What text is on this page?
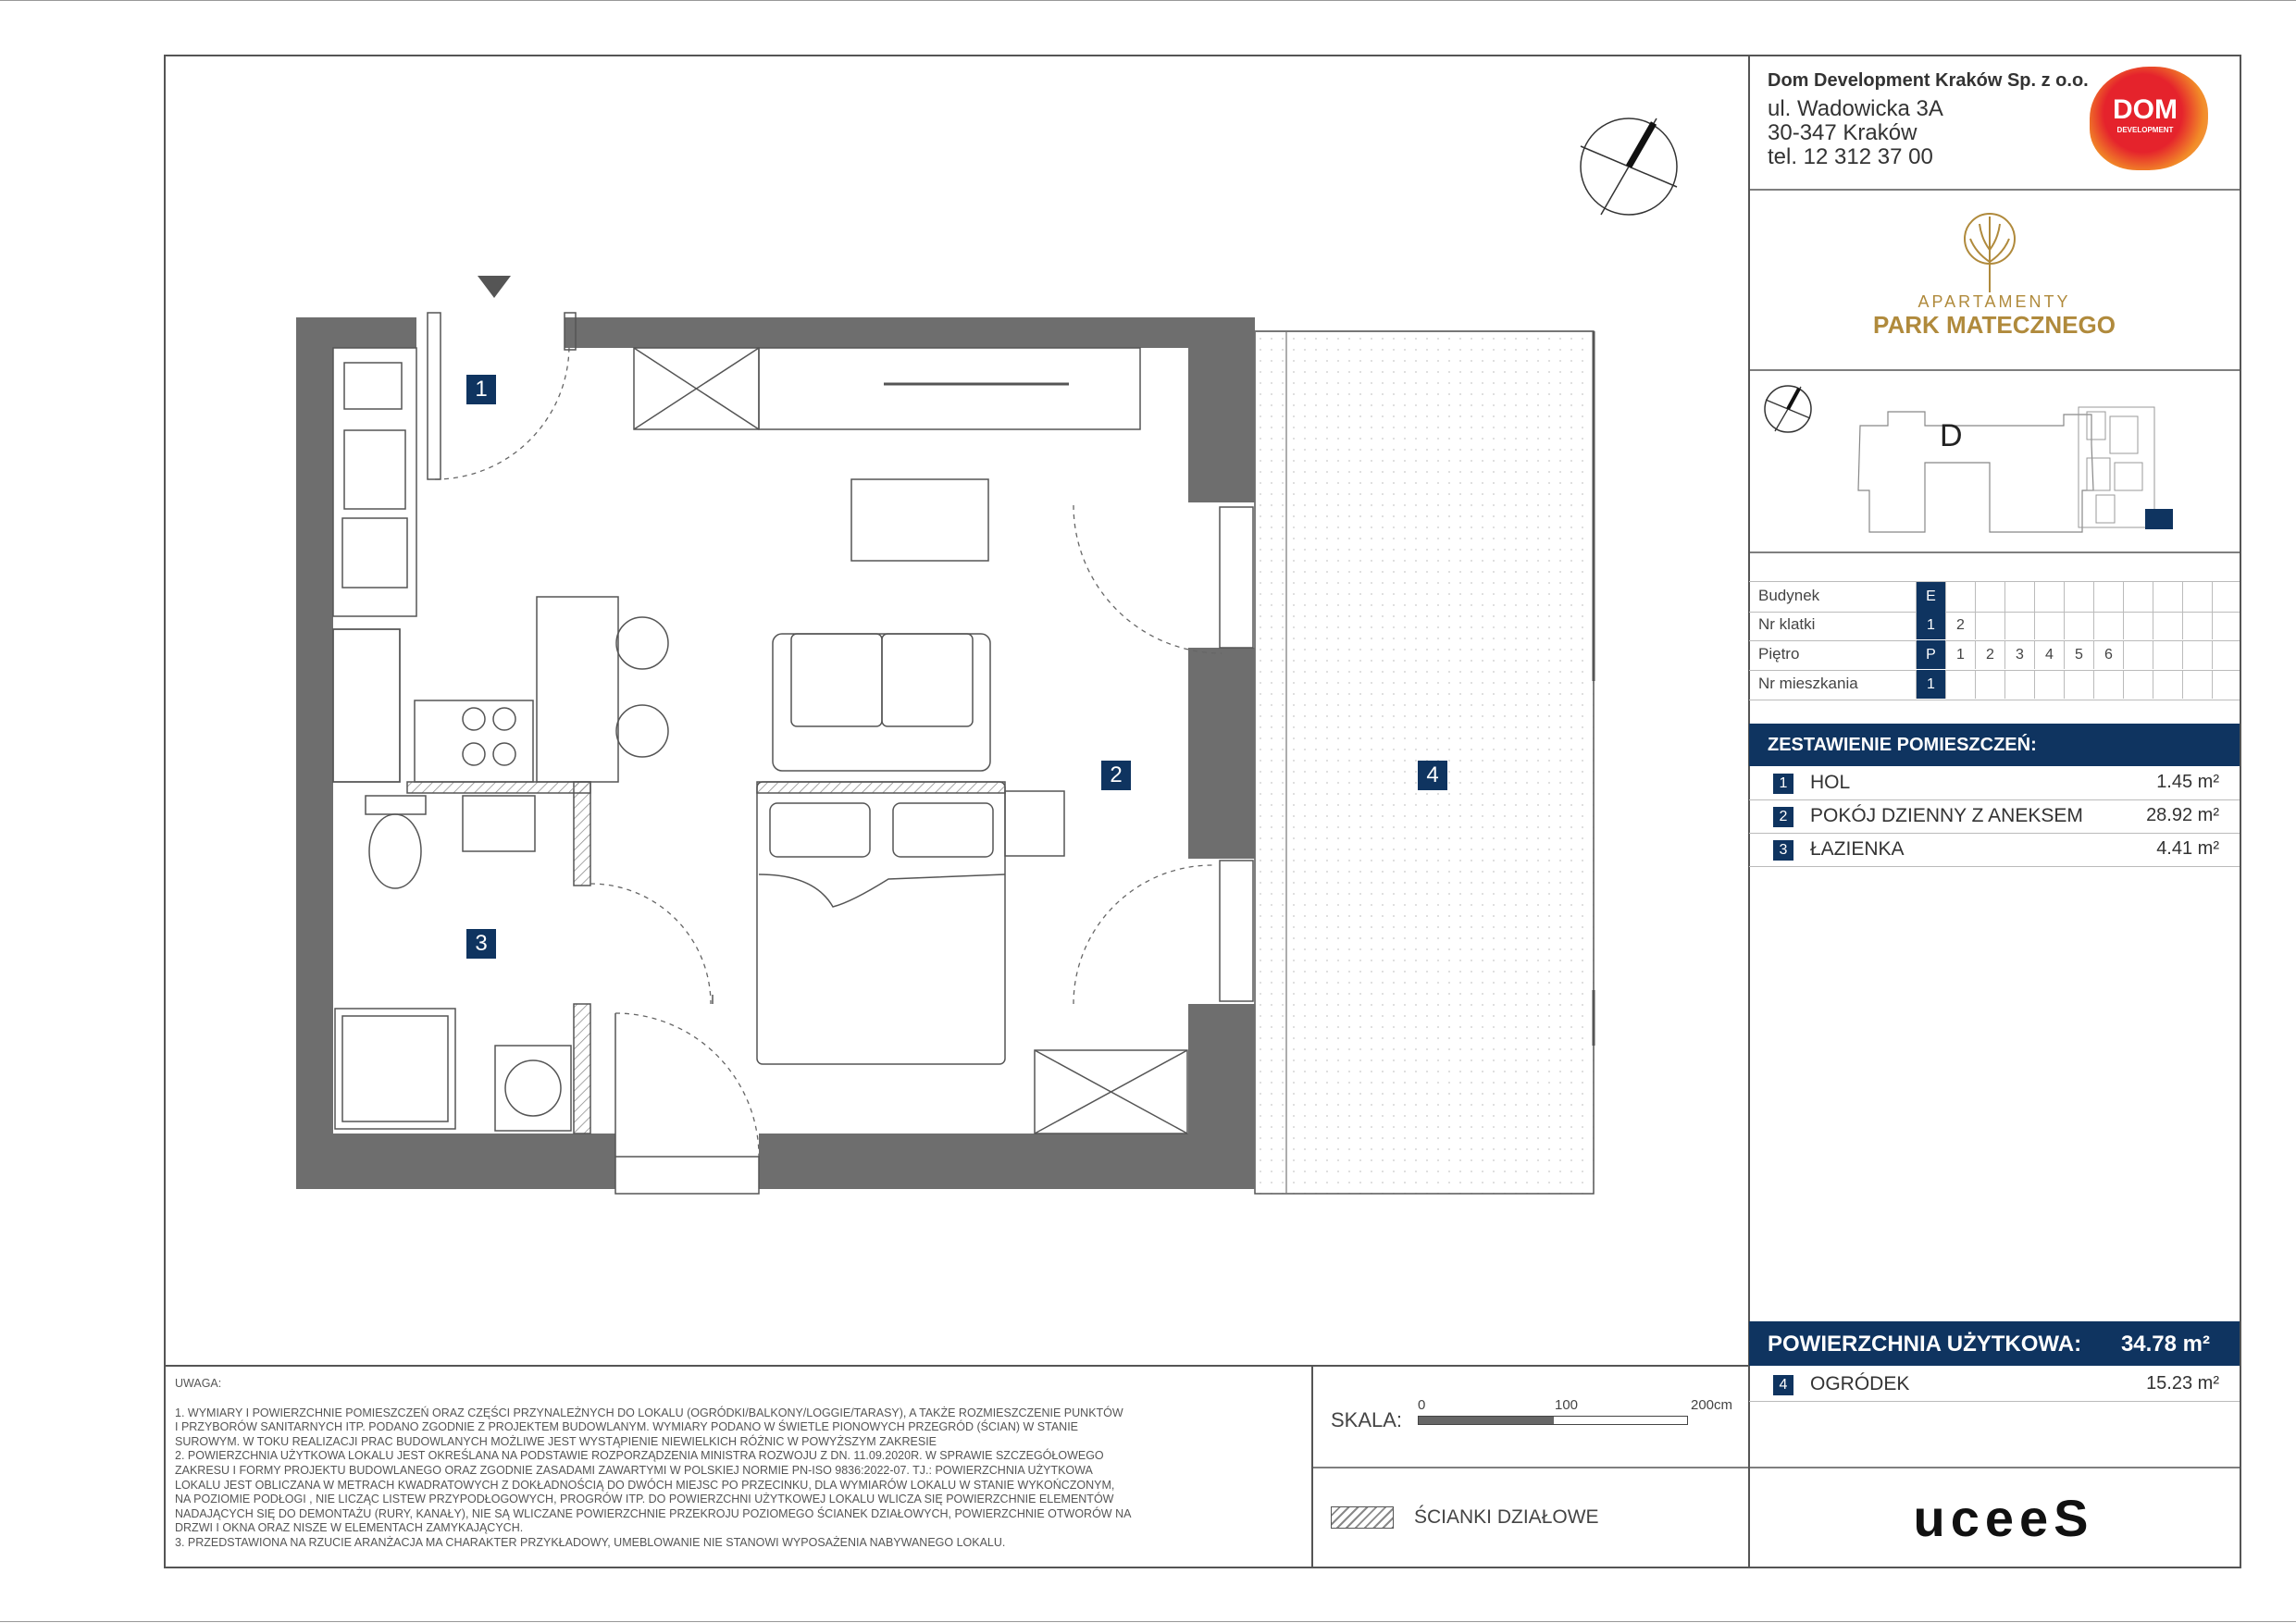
Dom Development Kraków Sp. z o.o.
ul. Wadowicka 3A
30-347 Kraków
tel. 12 312 37 00
DOM
DEVELOPMENT
APARTAMENTY
PARK MATECZNEGO
D
Budynek	E
Nr klatki	1	2
Piętro	P	1	2	3	4	5	6
Nr mieszkania	1
ZESTAWIENIE POMIESZCZEŃ:
1	HOL	1.45 m²
2	POKÓJ DZIENNY Z ANEKSEM	28.92 m²
3	ŁAZIENKA	4.41 m²
POWIERZCHNIA UŻYTKOWA: 34.78 m²
4	OGRÓDEK	15.23 m²
1
2
3
4
SKALA:
0	100	200cm
ŚCIANKI DZIAŁOWE

UWAGA:

1. WYMIARY I POWIERZCHNIE POMIESZCZEŃ ORAZ CZĘŚCI PRZYNALEŻNYCH DO LOKALU (OGRÓDKI/BALKONY/LOGGIE/TARASY), A TAKŻE ROZMIESZCZENIE PUNKTÓW

I PRZYBORÓW SANITARNYCH ITP. PODANO ZGODNIE Z PROJEKTEM BUDOWLANYM. WYMIARY PODANO W ŚWIETLE PIONOWYCH PRZEGRÓD (ŚCIAN) W STANIE

SUROWYM. W TOKU REALIZACJI PRAC BUDOWLANYCH MOŻLIWE JEST WYSTĄPIENIE NIEWIELKICH RÓŻNIC W POWYŻSZYM ZAKRESIE

2. POWIERZCHNIA UŻYTKOWA LOKALU JEST OKREŚLANA NA PODSTAWIE ROZPORZĄDZENIA MINISTRA ROZWOJU Z DN. 11.09.2020R. W SPRAWIE SZCZEGÓŁOWEGO

ZAKRESU I FORMY PROJEKTU BUDOWLANEGO ORAZ ZGODNIE ZASADAMI ZAWARTYMI W POLSKIEJ NORMIE PN-ISO 9836:2022-07. TJ.: POWIERZCHNIA UŻYTKOWA

LOKALU JEST OBLICZANA W METRACH KWADRATOWYCH Z DOKŁADNOŚCIĄ DO DWÓCH MIEJSC PO PRZECINKU, DLA WYMIARÓW LOKALU W STANIE WYKOŃCZONYM,

NA POZIOMIE PODŁOGI , NIE LICZĄC LISTEW PRZYPODŁOGOWYCH, PROGRÓW ITP. DO POWIERZCHNI UŻYTKOWEJ LOKALU WLICZA SIĘ POWIERZCHNIE ELEMENTÓW

NADAJĄCYCH SIĘ DO DEMONTAŻU (RURY, KANAŁY), NIE SĄ WLICZANE POWIERZCHNIE PRZEKROJU POZIOMEGO ŚCIANEK DZIAŁOWYCH, POWIERZCHNIE OTWORÓW NA

DRZWI I OKNA ORAZ NISZE W ELEMENTACH ZAMYKAJĄCYCH.

3. PRZEDSTAWIONA NA RZUCIE ARANŻACJA MA CHARAKTER PRZYKŁADOWY, UMEBLOWANIE NIE STANOWI WYPOSAŻENIA NABYWANEGO LOKALU.	uceeS
